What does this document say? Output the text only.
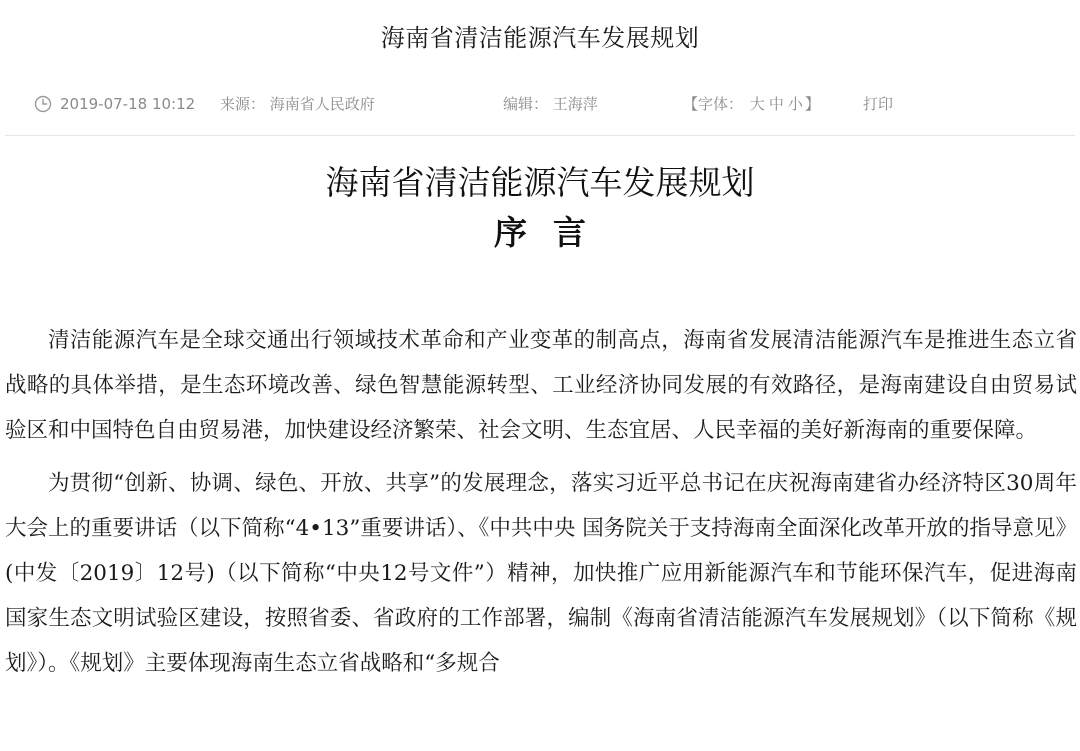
海南省清洁能源汽车发展规划
2019-07-18 10:12 来源： 海南省人民政府	编辑： 王海萍	【字体： 大 中 小 】	打印
海南省清洁能源汽车发展规划
序言

清洁能源汽车是全球交通出行领域技术革命和产业变革的制高点，海南省发展清洁能源汽车是推进生态立省战略的具体举措，是生态环境改善、绿色智慧能源转型、工业经济协同发展的有效路径，是海南建设自由贸易试验区和中国特色自由贸易港，加快建设经济繁荣、社会文明、生态宜居、人民幸福的美好新海南的重要保障。

为贯彻“创新、协调、绿色、开放、共享”的发展理念，落实习近平总书记在庆祝海南建省办经济特区30周年大会上的重要讲话（以下简称“4•13”重要讲话）、《中共中央 国务院关于支持海南全面深化改革开放的指导意见》(中发〔2019〕12号)（以下简称“中央12号文件”）精神，加快推广应用新能源汽车和节能环保汽车，促进海南国家生态文明试验区建设，按照省委、省政府的工作部署，编制《海南省清洁能源汽车发展规划》（以下简称《规划》）。《规划》主要体现海南生态立省战略和“多规合
